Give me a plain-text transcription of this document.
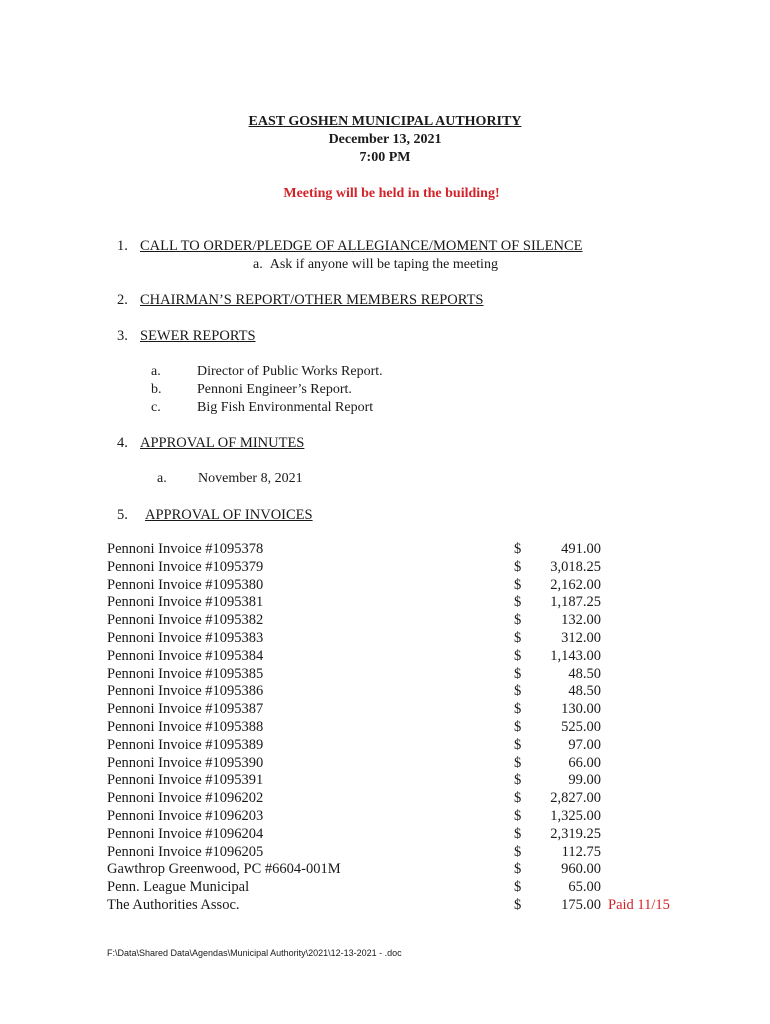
EAST GOSHEN MUNICIPAL AUTHORITY
December 13, 2021
7:00 PM
Meeting will be held in the building!
1. CALL TO ORDER/PLEDGE OF ALLEGIANCE/MOMENT OF SILENCE
a. Ask if anyone will be taping the meeting
2. CHAIRMAN’S REPORT/OTHER MEMBERS REPORTS
3. SEWER REPORTS
a.	Director of Public Works Report.
b.	Pennoni Engineer’s Report.
c.	Big Fish Environmental Report
4. APPROVAL OF MINUTES
a. November 8, 2021
5. APPROVAL OF INVOICES
Pennoni Invoice #1095378	$	491.00
Pennoni Invoice #1095379	$	3,018.25
Pennoni Invoice #1095380	$	2,162.00
Pennoni Invoice #1095381	$	1,187.25
Pennoni Invoice #1095382	$	132.00
Pennoni Invoice #1095383	$	312.00
Pennoni Invoice #1095384	$	1,143.00
Pennoni Invoice #1095385	$	48.50
Pennoni Invoice #1095386	$	48.50
Pennoni Invoice #1095387	$	130.00
Pennoni Invoice #1095388	$	525.00
Pennoni Invoice #1095389	$	97.00
Pennoni Invoice #1095390	$	66.00
Pennoni Invoice #1095391	$	99.00
Pennoni Invoice #1096202	$	2,827.00
Pennoni Invoice #1096203	$	1,325.00
Pennoni Invoice #1096204	$	2,319.25
Pennoni Invoice #1096205	$	112.75
Gawthrop Greenwood, PC #6604-001M	$	960.00
Penn. League Municipal	$	65.00
The Authorities Assoc.	$	175.00 Paid 11/15
F:\Data\Shared Data\Agendas\Municipal Authority\2021\12-13-2021 - .doc
